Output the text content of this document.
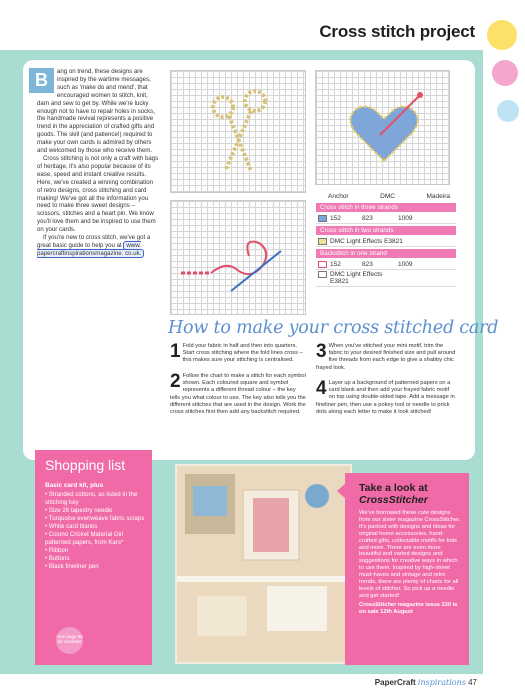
Cross stitch project

B	ang on trend, these designs are inspired by the wartime messages, such as 'make do and mend', that encouraged women to stitch, knit, darn and sew to get by. While we're lucky enough not to have to repair holes in socks, the handmade revival represents a positive trend in the appreciation of crafted gifts and goods. The skill (and patience!) required to make your own cards is admired by others and welcomed by those who receive them.

Cross stitching is not only a craft with bags of heritage, it's also popular because of its ease, speed and instant creative results. Here, we've created a winning combination of retro designs, cross stitching and card making! We've got all the information you need to make three sweet designs – scissors, stitches and a heart pin. We know you'll love them and be inspired to use them on your cards.

If you're new to cross stitch, we've got a great basic guide to help you at www. papercraftinspirationsmagazine. co.uk.

Anchor	DMC	Madeira
Cross stitch in three strands
152	823	1009
Cross stitch in two strands
DMC Light Effects E3821
Backstitch in one strand
152	823	1009
DMC Light Effects
E3821
How to make your cross stitched card
1 Fold your fabric in half and then into quarters. Start cross stitching where the fold lines cross – this makes sure your stitching is centralised.
2 Follow the chart to make a stitch for each symbol shown. Each coloured square and symbol represents a different thread colour – the key tells you what colour to use. The key also tells you the different stitches that are used in the design. Work the cross stitches first then add any backstitch required.
3 When you've stitched your mini motif, trim the fabric to your desired finished size and pull around five threads from each edge to give a shabby chic frayed look.
4 Layer up a background of patterned papers on a card blank and then add your frayed fabric motif on top using double-sided tape. Add a message in fineliner pen, then use a pokey tool or needle to prick dots along each letter to make it look stitched!
Shopping list
Basic card kit, plus
• Stranded cottons, as listed in the stitching key
• Size 26 tapestry needle
• Turquoise evenweave fabric scraps
• White card blanks
• Cosmo Cricket Material Girl patterned papers, from Kars*
• Ribbon
• Buttons
• Black fineliner pen
*see page 96 for stockists
Take a look at
CrossStitcher

We've borrowed these cute designs from our sister magazine CrossStitcher. It's packed with designs and ideas for original home accessories, hand-crafted gifts, collectable motifs for kids and more. There are even more beautiful and varied designs and suggestions for creative ways in which to use them. Inspired by high-street must-haves and vintage and retro trends, there are plenty of charts for all levels of stitcher. So pick up a needle and get started!

CrossStitcher magazine issue 230 is on sale 12th August
PaperCraft inspirations 47
